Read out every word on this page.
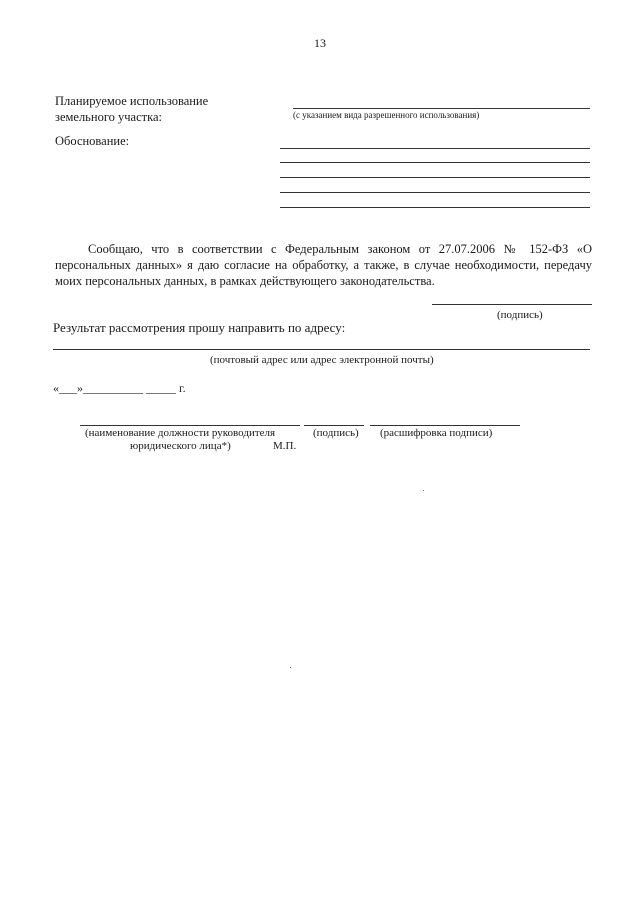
13
Планируемое использование
земельного участка:	(с указанием вида разрешенного использования)
Обоснование:
Сообщаю, что в соответствии с Федеральным законом от 27.07.2006 № 152-ФЗ «О персональных данных» я даю согласие на обработку, а также, в случае необходимости, передачу моих персональных данных, в рамках действующего законодательства.
(подпись)
Результат рассмотрения прошу направить по адресу:
(почтовый адрес или адрес электронной почты)
«___»__________ _____ г.
(наименование должности руководителя	(подпись) (расшифровка подписи)
юридического лица*)	М.П.
